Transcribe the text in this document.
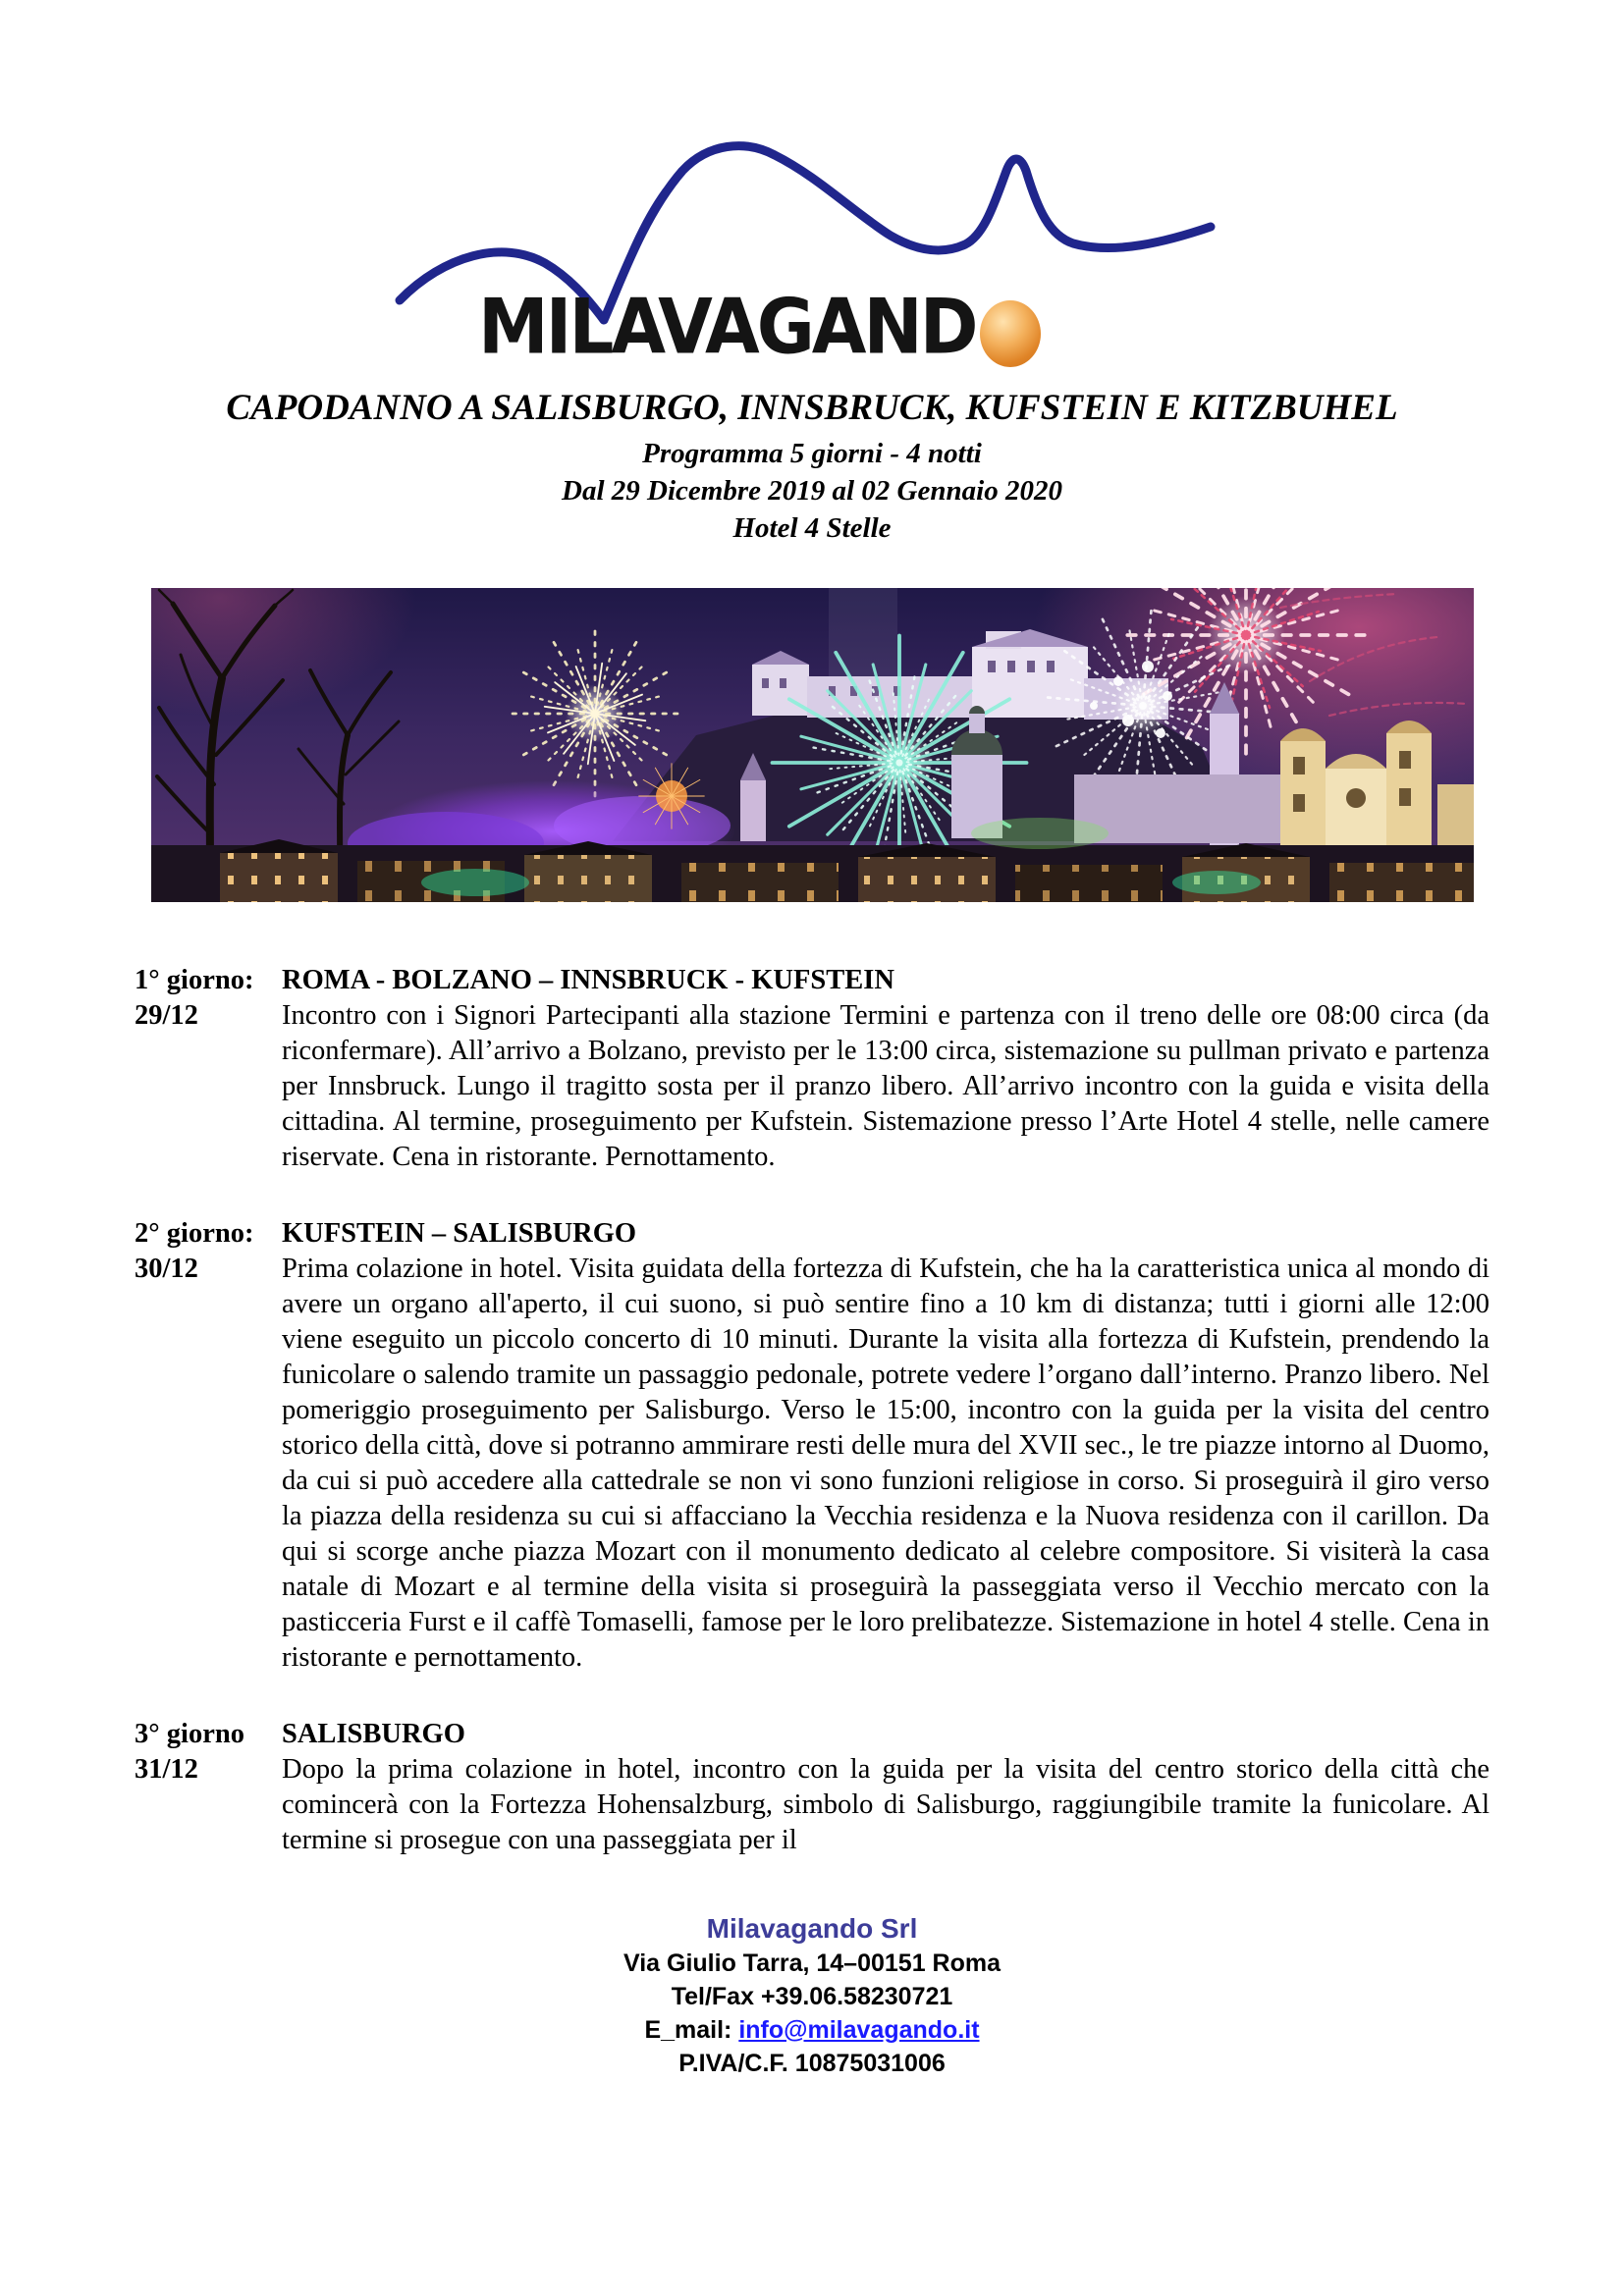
MILAVAGAND
CAPODANNO A SALISBURGO, INNSBRUCK, KUFSTEIN E KITZBUHEL
Programma 5 giorni - 4 notti
Dal 29 Dicembre 2019 al 02 Gennaio 2020
Hotel 4 Stelle
1° giorno:
29/12
ROMA - BOLZANO – INNSBRUCK - KUFSTEIN

Incontro con i Signori Partecipanti alla stazione Termini e partenza con il treno delle ore 08:00 circa (da riconfermare). All’arrivo a Bolzano, previsto per le 13:00 circa, sistemazione su pullman privato e partenza per Innsbruck. Lungo il tragitto sosta per il pranzo libero. All’arrivo incontro con la guida e visita della cittadina. Al termine, proseguimento per Kufstein. Sistemazione presso l’Arte Hotel 4 stelle, nelle camere riservate. Cena in ristorante. Pernottamento.

2° giorno:
30/12
KUFSTEIN – SALISBURGO

Prima colazione in hotel. Visita guidata della fortezza di Kufstein, che ha la caratteristica unica al mondo di avere un organo all'aperto, il cui suono, si può sentire fino a 10 km di distanza; tutti i giorni alle 12:00 viene eseguito un piccolo concerto di 10 minuti. Durante la visita alla fortezza di Kufstein, prendendo la funicolare o salendo tramite un passaggio pedonale, potrete vedere l’organo dall’interno. Pranzo libero. Nel pomeriggio proseguimento per Salisburgo. Verso le 15:00, incontro con la guida per la visita del centro storico della città, dove si potranno ammirare resti delle mura del XVII sec., le tre piazze intorno al Duomo, da cui si può accedere alla cattedrale se non vi sono funzioni religiose in corso. Si proseguirà il giro verso la piazza della residenza su cui si affacciano la Vecchia residenza e la Nuova residenza con il carillon. Da qui si scorge anche piazza Mozart con il monumento dedicato al celebre compositore. Si visiterà la casa natale di Mozart e al termine della visita si proseguirà la passeggiata verso il Vecchio mercato con la pasticceria Furst e il caffè Tomaselli, famose per le loro prelibatezze. Sistemazione in hotel 4 stelle. Cena in ristorante e pernottamento.

3° giorno
31/12
SALISBURGO

Dopo la prima colazione in hotel, incontro con la guida per la visita del centro storico della città che comincerà con la Fortezza Hohensalzburg, simbolo di Salisburgo, raggiungibile tramite la funicolare. Al termine si prosegue con una passeggiata per il

Milavagando Srl
Via Giulio Tarra, 14–00151 Roma
Tel/Fax +39.06.58230721
E_mail: info@milavagando.it
P.IVA/C.F. 10875031006
